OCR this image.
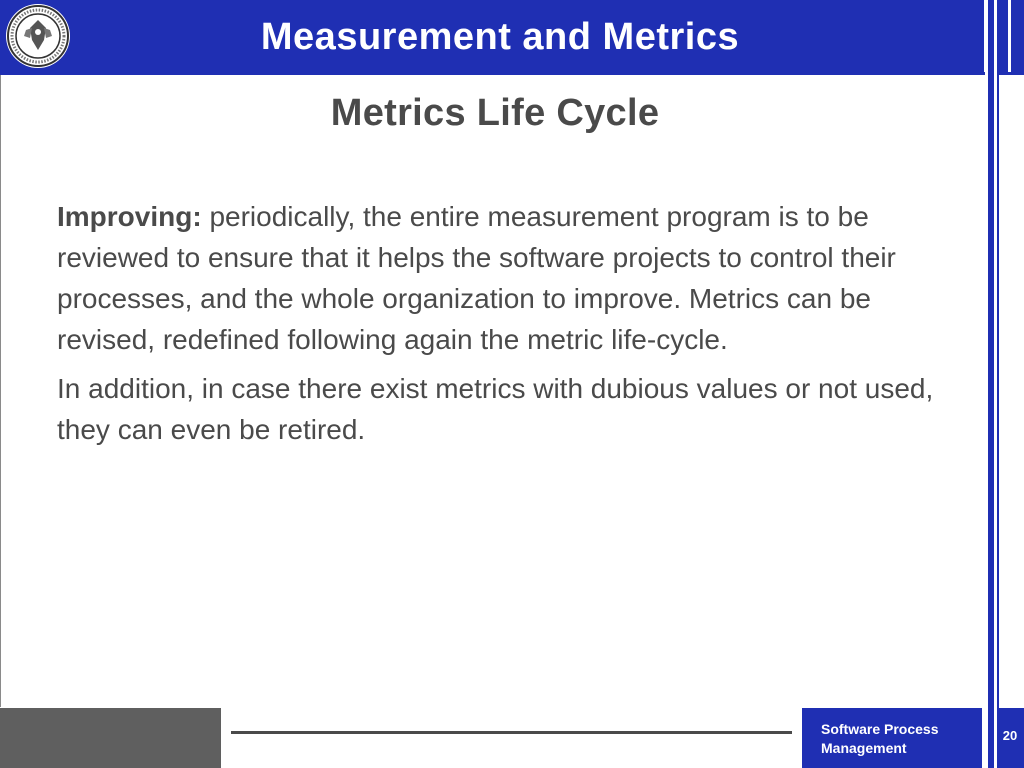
Measurement and Metrics
Metrics Life Cycle

Improving: periodically, the entire measurement program is to be reviewed to ensure that it helps the software projects to control their processes, and the whole organization to improve. Metrics can be revised, redefined following again the metric life-cycle.

In addition, in case there exist metrics with dubious values or not used, they can even be retired.

Software Process
Management
20
